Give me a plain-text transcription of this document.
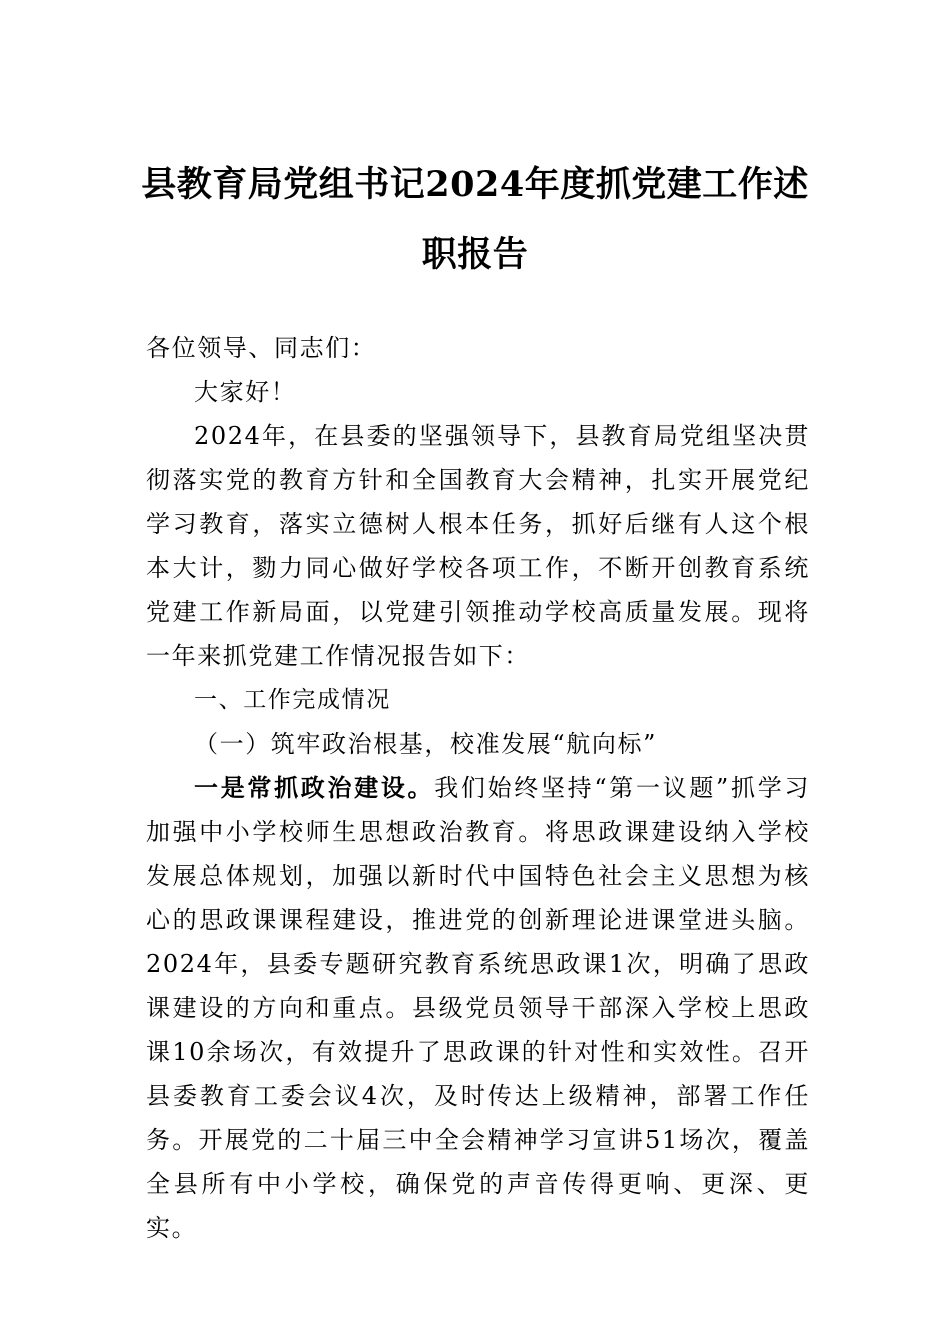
县教育局党组书记2024年度抓党建工作述
职报告

各位领导、同志们：

大家好！

2024年，在县委的坚强领导下，县教育局党组坚决贯彻落实党的教育方针和全国教育大会精神，扎实开展党纪学习教育，落实立德树人根本任务，抓好后继有人这个根本大计，勠力同心做好学校各项工作，不断开创教育系统党建工作新局面，以党建引领推动学校高质量发展。现将一年来抓党建工作情况报告如下：

一、工作完成情况

（一）筑牢政治根基，校准发展“航向标”

一是常抓政治建设。我们始终坚持“第一议题”抓学习加强中小学校师生思想政治教育。将思政课建设纳入学校发展总体规划，加强以新时代中国特色社会主义思想为核心的思政课课程建设，推进党的创新理论进课堂进头脑。2024年，县委专题研究教育系统思政课1次，明确了思政课建设的方向和重点。县级党员领导干部深入学校上思政课10余场次，有效提升了思政课的针对性和实效性。召开县委教育工委会议4次，及时传达上级精神，部署工作任务。开展党的二十届三中全会精神学习宣讲51场次，覆盖全县所有中小学校，确保党的声音传得更响、更深、更实。
